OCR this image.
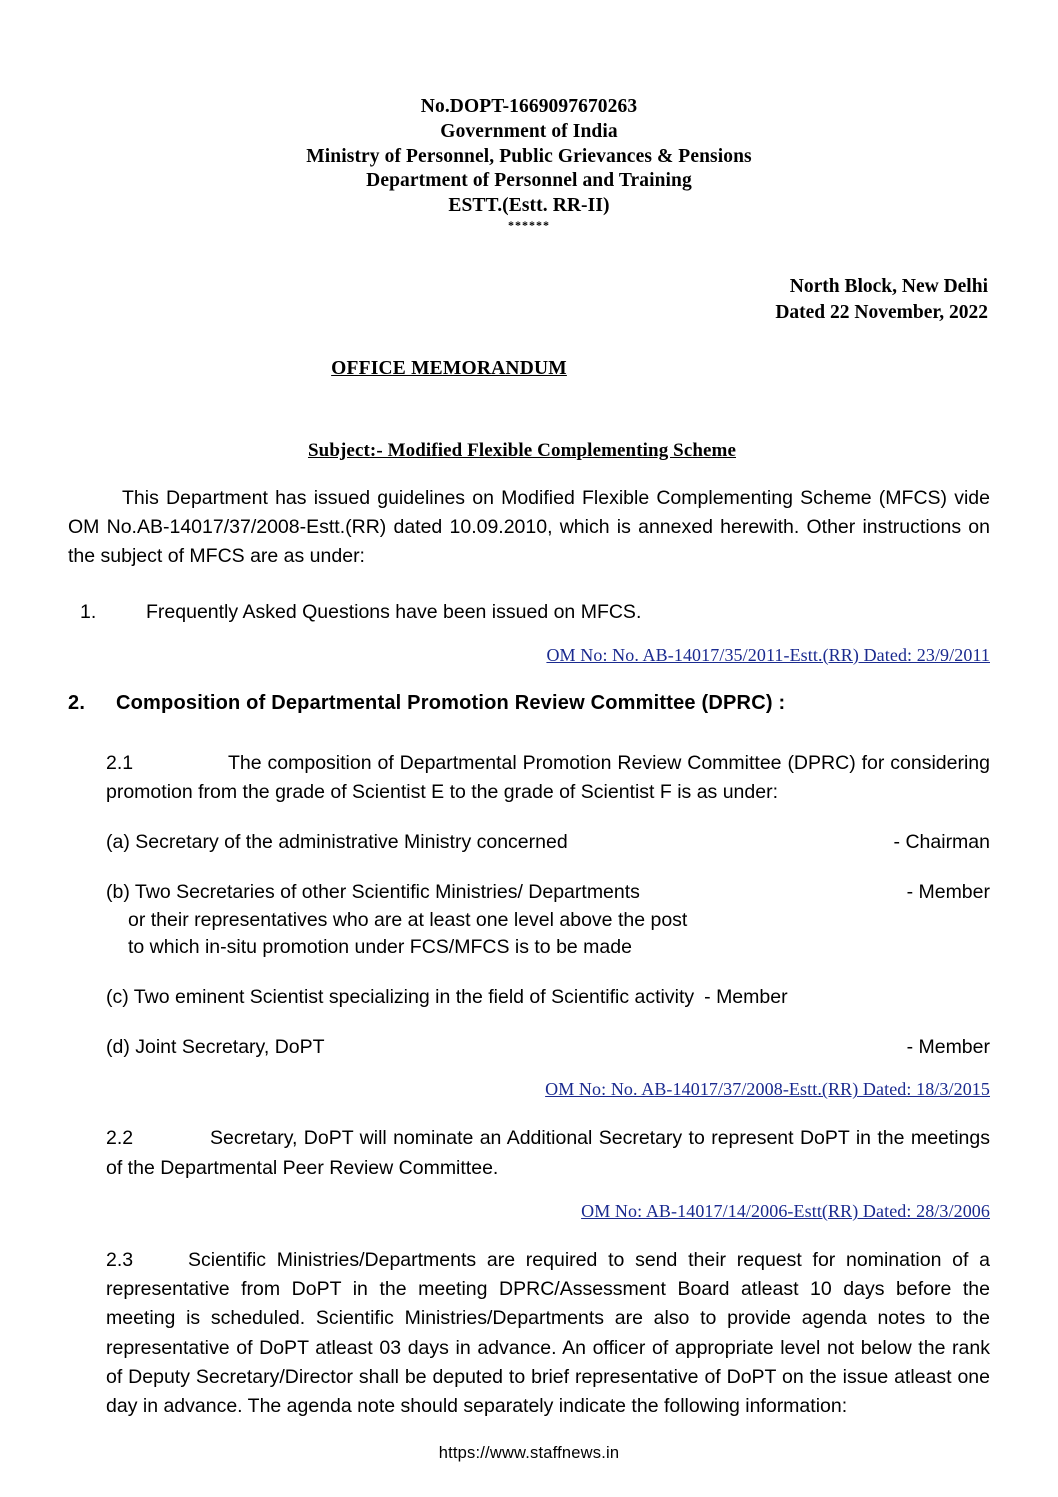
No.DOPT-1669097670263
Government of India
Ministry of Personnel, Public Grievances & Pensions
Department of Personnel and Training
ESTT.(Estt. RR-II)
******
North Block, New Delhi
Dated 22 November, 2022
OFFICE MEMORANDUM
Subject:- Modified Flexible Complementing Scheme
This Department has issued guidelines on Modified Flexible Complementing Scheme (MFCS) vide OM No.AB-14017/37/2008-Estt.(RR) dated 10.09.2010, which is annexed herewith. Other instructions on the subject of MFCS are as under:
1.	Frequently Asked Questions have been issued on MFCS.
OM No: No. AB-14017/35/2011-Estt.(RR) Dated: 23/9/2011
2.	Composition of Departmental Promotion Review Committee (DPRC) :
2.1	The composition of Departmental Promotion Review Committee (DPRC) for considering promotion from the grade of Scientist E to the grade of Scientist F is as under:
(a) Secretary of the administrative Ministry concerned	- Chairman
(b) Two Secretaries of other Scientific Ministries/ Departments	- Member
or their representatives who are at least one level above the post
to which in-situ promotion under FCS/MFCS is to be made
(c) Two eminent Scientist specializing in the field of Scientific activity - Member
(d) Joint Secretary, DoPT	- Member
OM No: No. AB-14017/37/2008-Estt.(RR) Dated: 18/3/2015
2.2	Secretary, DoPT will nominate an Additional Secretary to represent DoPT in the meetings of the Departmental Peer Review Committee.
OM No: AB-14017/14/2006-Estt(RR) Dated: 28/3/2006
2.3	Scientific Ministries/Departments are required to send their request for nomination of a representative from DoPT in the meeting DPRC/Assessment Board atleast 10 days before the meeting is scheduled. Scientific Ministries/Departments are also to provide agenda notes to the representative of DoPT atleast 03 days in advance. An officer of appropriate level not below the rank of Deputy Secretary/Director shall be deputed to brief representative of DoPT on the issue atleast one day in advance. The agenda note should separately indicate the following information:
https://www.staffnews.in
